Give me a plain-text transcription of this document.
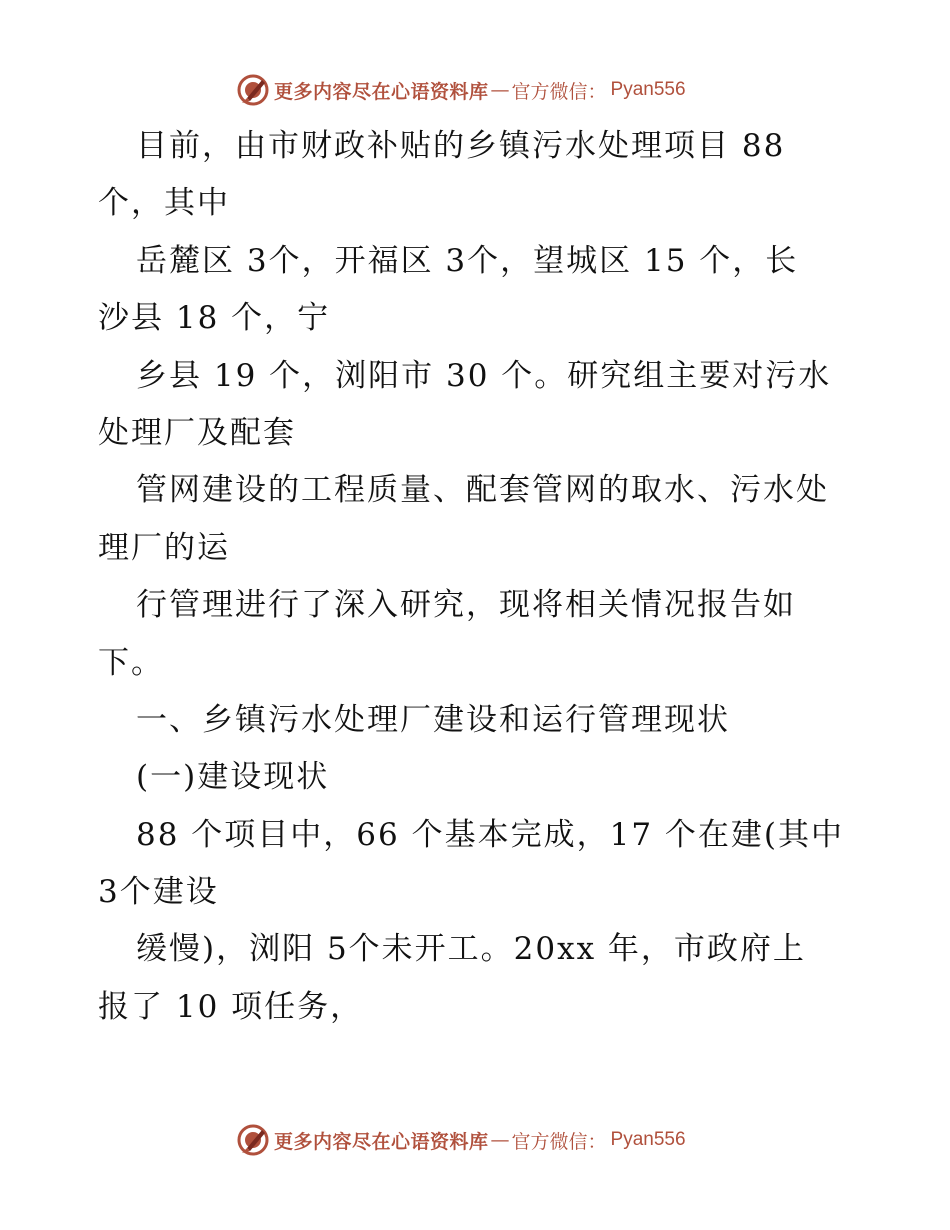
更多内容尽在心语资料库 — 官方微信： Pyan556
目前，由市财政补贴的乡镇污水处理项目 88
个，其中
岳麓区 3个，开福区 3个，望城区 15 个，长
沙县 18 个，宁
乡县 19 个，浏阳市 30 个。研究组主要对污水
处理厂及配套
管网建设的工程质量、配套管网的取水、污水处
理厂的运
行管理进行了深入研究，现将相关情况报告如
下。
一、乡镇污水处理厂建设和运行管理现状
(一)建设现状
88 个项目中，66 个基本完成，17 个在建(其中
3个建设
缓慢)，浏阳 5个未开工。20xx 年，市政府上
报了 10 项任务，
更多内容尽在心语资料库 — 官方微信： Pyan556
